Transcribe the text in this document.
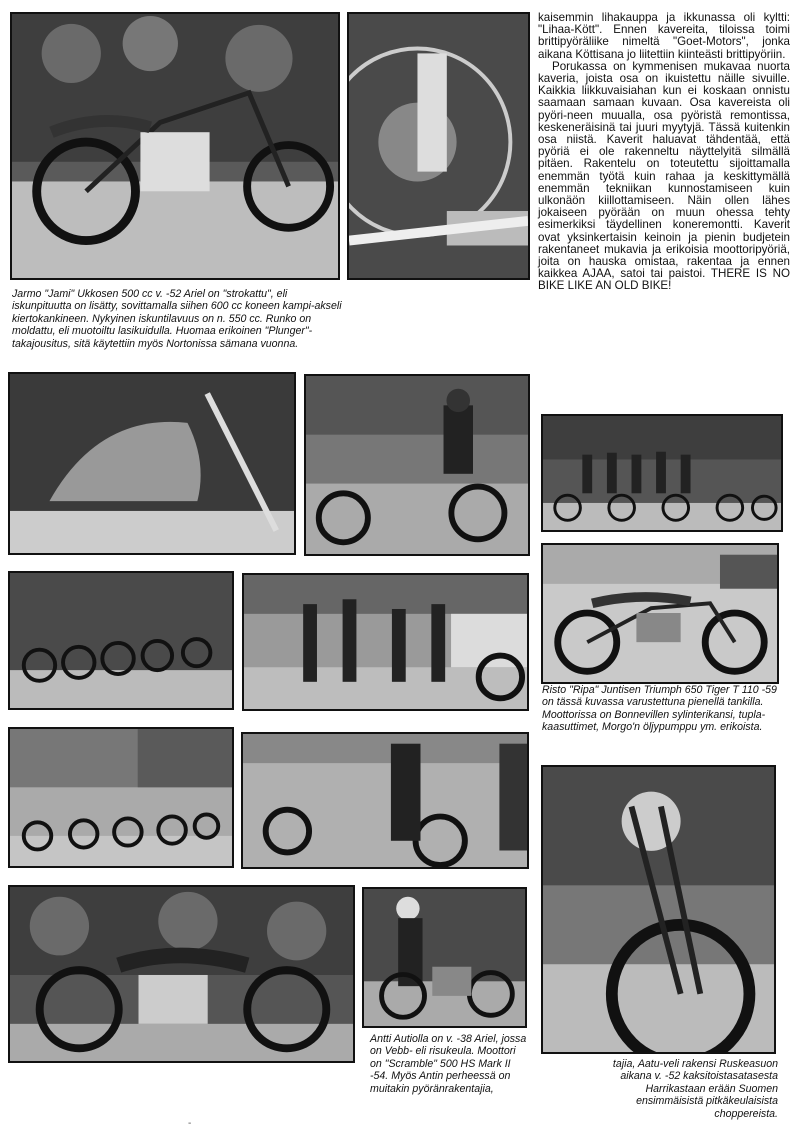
Jarmo "Jami" Ukkosen 500 cc v. -52 Ariel on "strokattu", eli iskunpituutta on lisätty, sovittamalla siihen 600 cc koneen kampi-akseli kiertokankineen. Nykyinen iskuntilavuus on n. 550 cc. Runko on moldattu, eli muotoiltu lasikuidulla. Huomaa erikoinen "Plunger"-takajousitus, sitä käytettiin myös Nortonissa sämana vuonna.

kaisemmin lihakauppa ja ikkunassa oli kyltti: "Lihaa-Kött". Ennen kavereita, tiloissa toimi brittipyöräliike nimeltä "Goet-Motors", jonka aikana Köttisana jo liitettiin kiinteästi brittipyöriin.

Porukassa on kymmenisen mukavaa nuorta kaveria, joista osa on ikuistettu näille sivuille. Kaikkia liikkuvaisiahan kun ei koskaan onnistu saamaan samaan kuvaan. Osa kavereista oli pyöri-neen muualla, osa pyöristä remontissa, keskeneräisinä tai juuri myytyjä. Tässä kuitenkin osa niistä. Kaverit haluavat tähdentää, että pyöriä ei ole rakenneltu näyttelyitä silmällä pitäen. Rakentelu on toteutettu sijoittamalla enemmän työtä kuin rahaa ja keskittymällä enemmän tekniikan kunnostamiseen kuin ulkonäön kiillottamiseen. Näin ollen lähes jokaiseen pyörään on muun ohessa tehty esimerkiksi täydellinen koneremontti. Kaverit ovat yksinkertaisin keinoin ja pienin budjetein rakentaneet mukavia ja erikoisia moottoripyöriä, joita on hauska omistaa, rakentaa ja ennen kaikkea AJAA, satoi tai paistoi. THERE IS NO BIKE LIKE AN OLD BIKE!

Risto "Ripa" Juntisen Triumph 650 Tiger T 110 -59 on tässä kuvassa varustettuna pienellä tankilla. Moottorissa on Bonnevillen sylinterikansi, tupla-kaasuttimet, Morgo'n öljypumppu ym. erikoista.

Antti Autiolla on v. -38 Ariel, jossa on Vebb- eli risukeula. Moottori on "Scramble" 500 HS Mark II -54. Myös Antin perheessä on muitakin pyöränrakentajia,

tajia, Aatu-veli rakensi Ruskeasuon aikana v. -52 kaksitoistasatasesta Harrikastaan erään Suomen ensimmäisistä pitkäkeulaisista choppereista.

-
